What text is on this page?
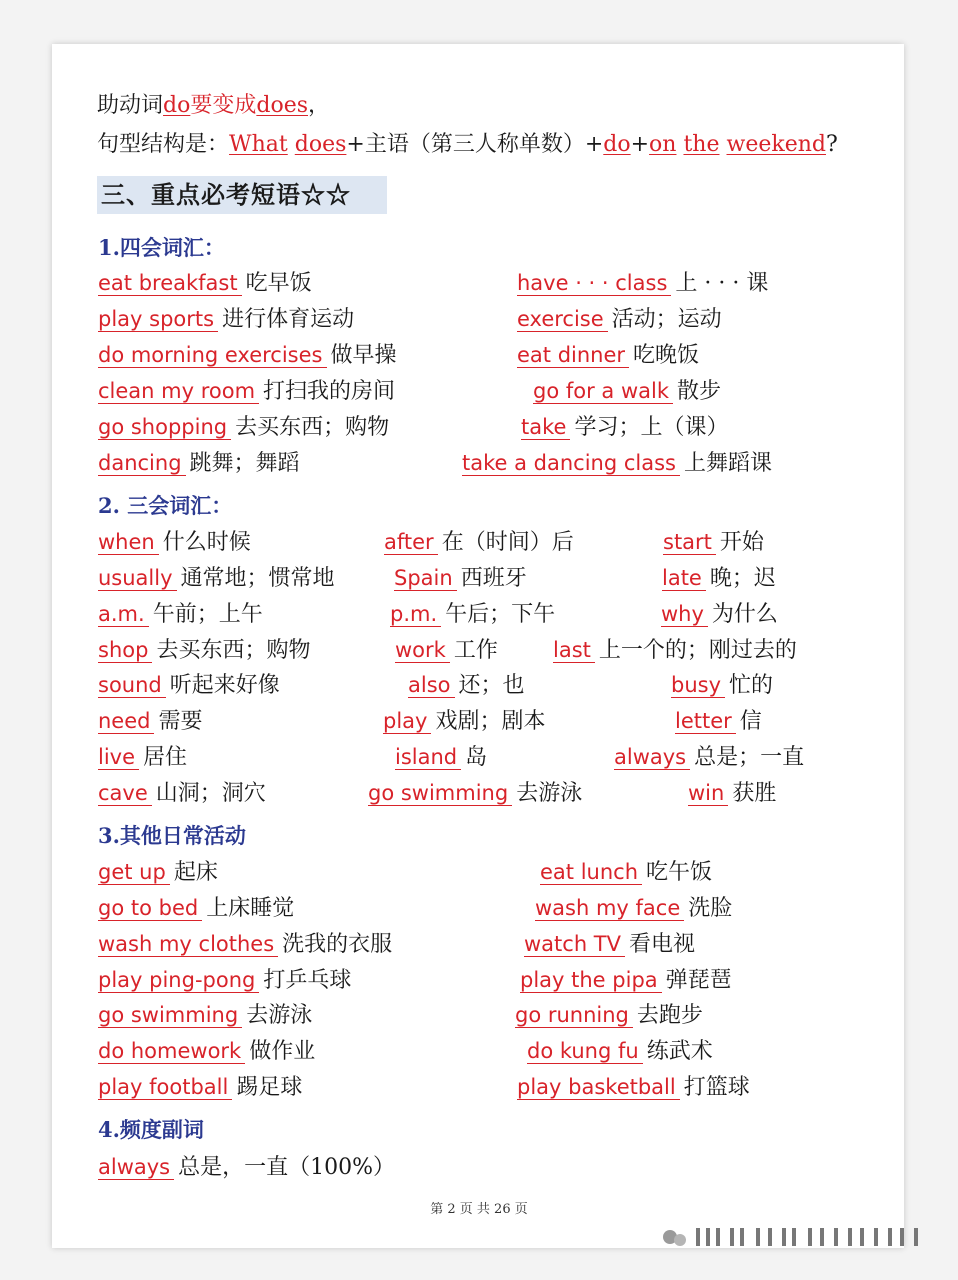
助动词do要变成does，
句型结构是：What does+主语（第三人称单数）+do+on the weekend?
三、重点必考短语☆☆
1.四会词汇：
2. 三会词汇：
3.其他日常活动
4.频度副词
eat breakfast 吃早饭	have · · · class 上 · · · 课
play sports 进行体育运动	exercise 活动；运动
do morning exercises 做早操	eat dinner 吃晚饭
clean my room 打扫我的房间	go for a walk 散步
go shopping 去买东西；购物	take 学习；上（课）
dancing 跳舞；舞蹈	take a dancing class 上舞蹈课
when 什么时候	after 在（时间）后	start 开始
usually 通常地；惯常地	Spain 西班牙	late 晚；迟
a.m. 午前；上午	p.m. 午后；下午	why 为什么
shop 去买东西；购物	work 工作	last 上一个的；刚过去的
sound 听起来好像	also 还；也	busy 忙的
need 需要	play 戏剧；剧本	letter 信
live 居住	island 岛	always 总是；一直
cave 山洞；洞穴	go swimming 去游泳	win 获胜
get up 起床	eat lunch 吃午饭
go to bed 上床睡觉	wash my face 洗脸
wash my clothes 洗我的衣服	watch TV 看电视
play ping-pong 打乒乓球	play the pipa 弹琵琶
go swimming 去游泳	go running 去跑步
do homework 做作业	do kung fu 练武术
play football 踢足球	play basketball 打篮球
always 总是，一直（100%）
第 2 页 共 26 页
